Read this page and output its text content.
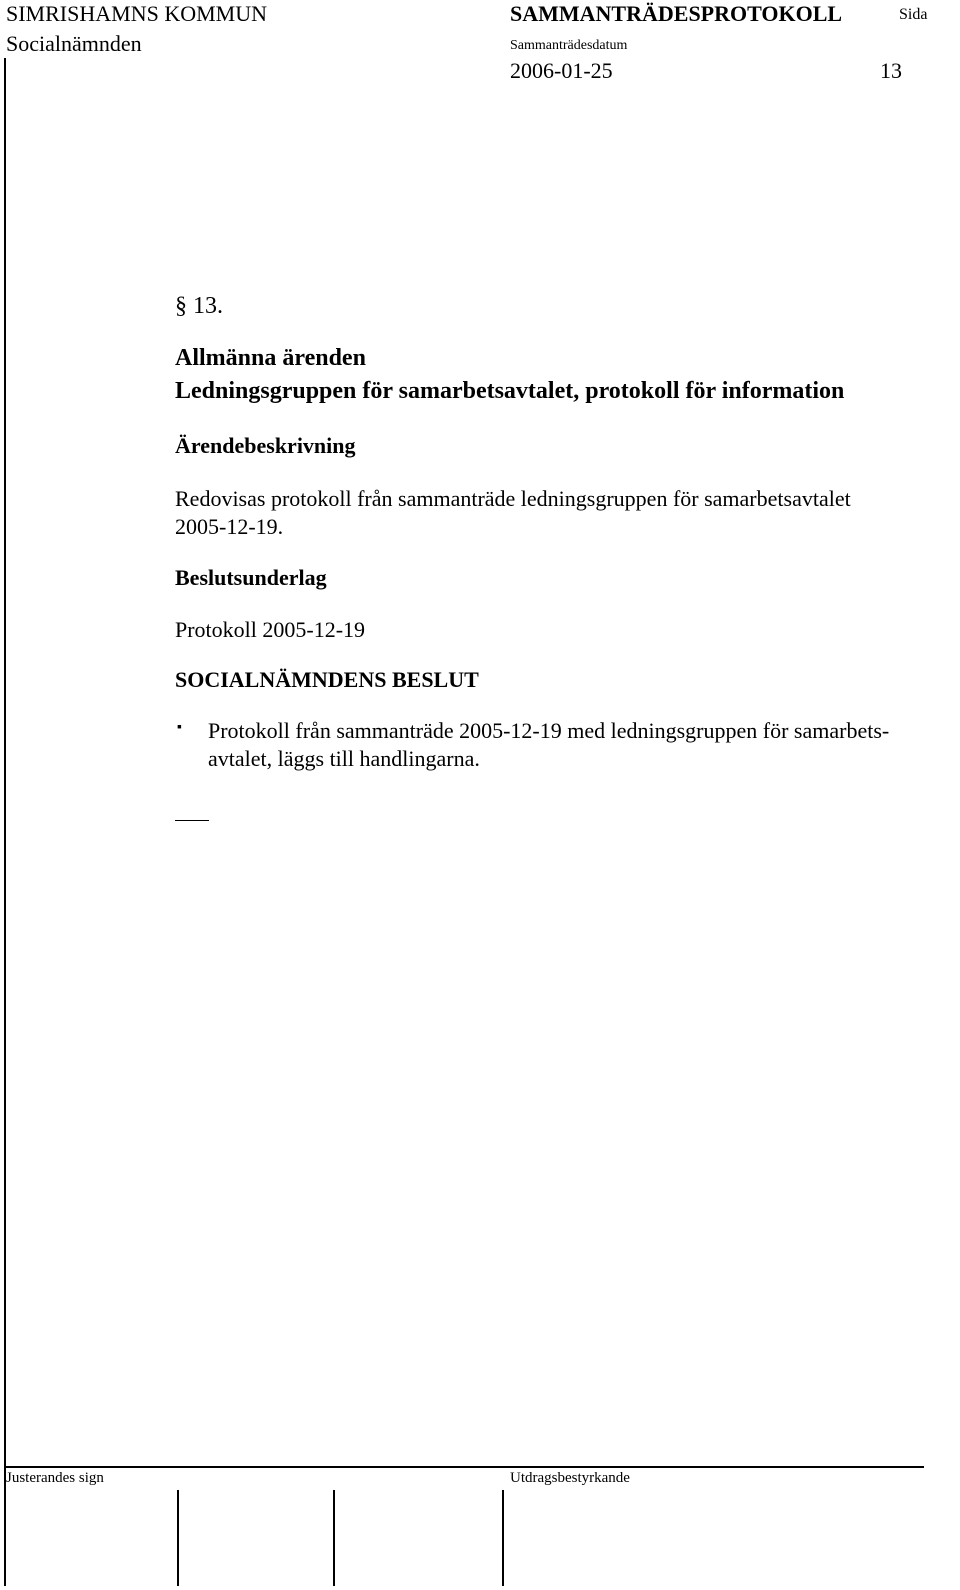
SIMRISHAMNS KOMMUN
Socialnämnden
SAMMANTRÄDESPROTOKOLL	Sida
Sammanträdesdatum
2006-01-25	13
§ 13.
Allmänna ärenden
Ledningsgruppen för samarbetsavtalet, protokoll för information
Ärendebeskrivning
Redovisas protokoll från sammanträde ledningsgruppen för samarbetsavtalet
2005-12-19.
Beslutsunderlag
Protokoll 2005-12-19
SOCIALNÄMNDENS BESLUT
▪ Protokoll från sammanträde 2005-12-19 med ledningsgruppen för samarbets-
avtalet, läggs till handlingarna.
Justerandes sign	Utdragsbestyrkande
